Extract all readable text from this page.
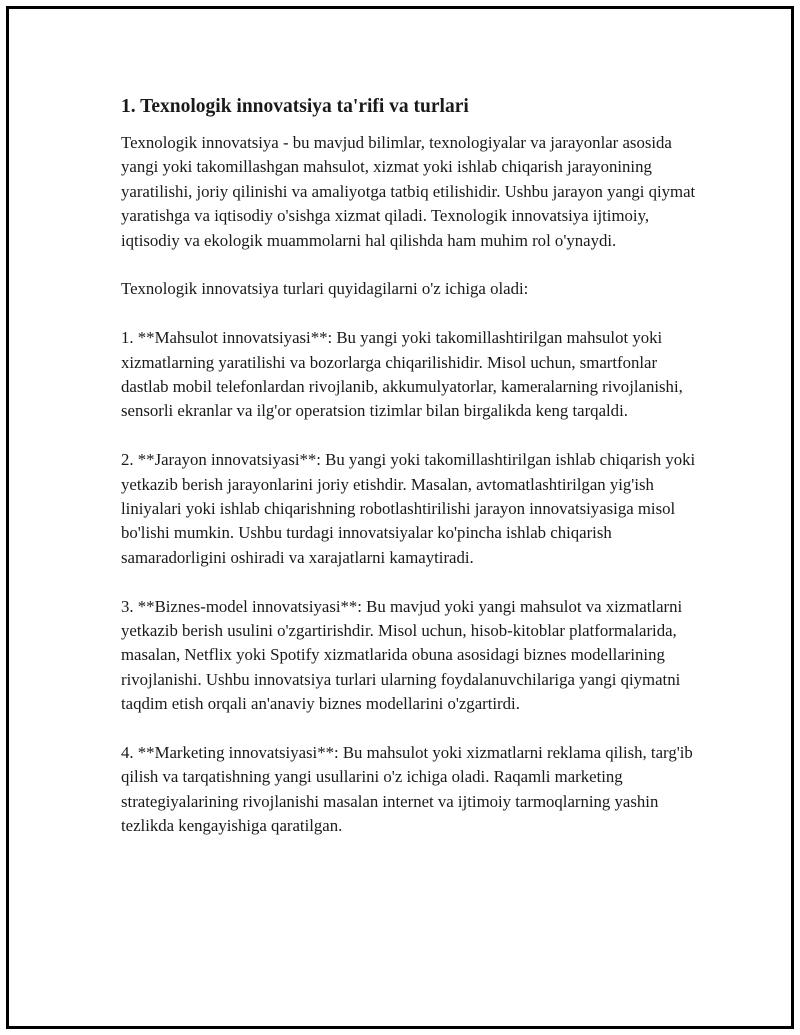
1. Texnologik innovatsiya ta'rifi va turlari

Texnologik innovatsiya - bu mavjud bilimlar, texnologiyalar va jarayonlar asosida yangi yoki takomillashgan mahsulot, xizmat yoki ishlab chiqarish jarayonining yaratilishi, joriy qilinishi va amaliyotga tatbiq etilishidir. Ushbu jarayon yangi qiymat yaratishga va iqtisodiy o'sishga xizmat qiladi. Texnologik innovatsiya ijtimoiy, iqtisodiy va ekologik muammolarni hal qilishda ham muhim rol o'ynaydi.

Texnologik innovatsiya turlari quyidagilarni o'z ichiga oladi:

1. **Mahsulot innovatsiyasi**: Bu yangi yoki takomillashtirilgan mahsulot yoki xizmatlarning yaratilishi va bozorlarga chiqarilishidir. Misol uchun, smartfonlar dastlab mobil telefonlardan rivojlanib, akkumulyatorlar, kameralarning rivojlanishi, sensorli ekranlar va ilg'or operatsion tizimlar bilan birgalikda keng tarqaldi.

2. **Jarayon innovatsiyasi**: Bu yangi yoki takomillashtirilgan ishlab chiqarish yoki yetkazib berish jarayonlarini joriy etishdir. Masalan, avtomatlashtirilgan yig'ish liniyalari yoki ishlab chiqarishning robotlashtirilishi jarayon innovatsiyasiga misol bo'lishi mumkin. Ushbu turdagi innovatsiyalar ko'pincha ishlab chiqarish samaradorligini oshiradi va xarajatlarni kamaytiradi.

3. **Biznes-model innovatsiyasi**: Bu mavjud yoki yangi mahsulot va xizmatlarni yetkazib berish usulini o'zgartirishdir. Misol uchun, hisob-kitoblar platformalarida, masalan, Netflix yoki Spotify xizmatlarida obuna asosidagi biznes modellarining rivojlanishi. Ushbu innovatsiya turlari ularning foydalanuvchilariga yangi qiymatni taqdim etish orqali an'anaviy biznes modellarini o'zgartirdi.

4. **Marketing innovatsiyasi**: Bu mahsulot yoki xizmatlarni reklama qilish, targ'ib qilish va tarqatishning yangi usullarini o'z ichiga oladi. Raqamli marketing strategiyalarining rivojlanishi masalan internet va ijtimoiy tarmoqlarning yashin tezlikda kengayishiga qaratilgan.
